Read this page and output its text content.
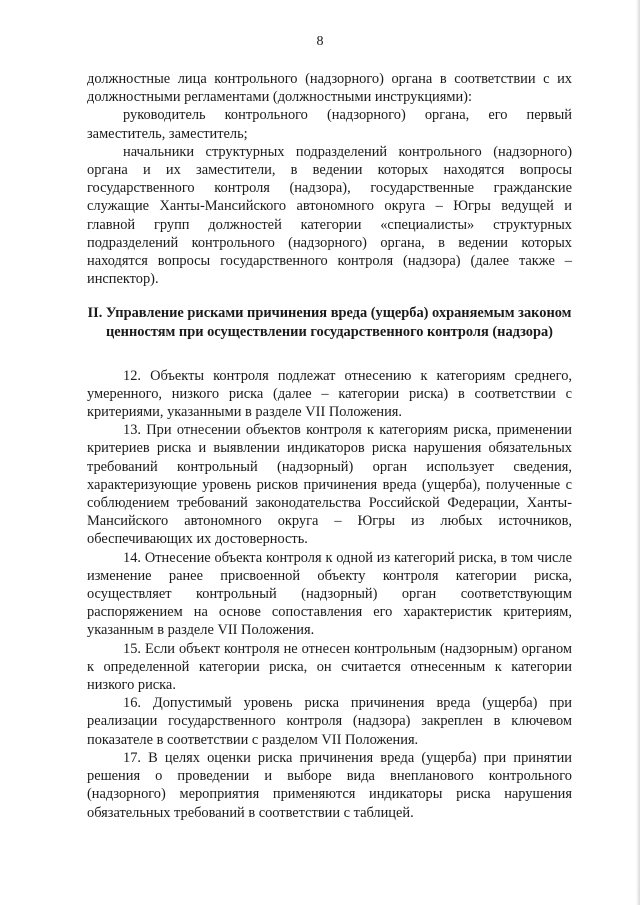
8

должностные лица контрольного (надзорного) органа в соответствии с их должностными регламентами (должностными инструкциями):

руководитель контрольного (надзорного) органа, его первый заместитель, заместитель;

начальники структурных подразделений контрольного (надзорного) органа и их заместители, в ведении которых находятся вопросы государственного контроля (надзора), государственные гражданские служащие Ханты-Мансийского автономного округа – Югры ведущей и главной групп должностей категории «специалисты» структурных подразделений контрольного (надзорного) органа, в ведении которых находятся вопросы государственного контроля (надзора) (далее также – инспектор).

II. Управление рисками причинения вреда (ущерба) охраняемым законом ценностям при осуществлении государственного контроля (надзора)

12. Объекты контроля подлежат отнесению к категориям среднего, умеренного, низкого риска (далее – категории риска) в соответствии с критериями, указанными в разделе VII Положения.

13. При отнесении объектов контроля к категориям риска, применении критериев риска и выявлении индикаторов риска нарушения обязательных требований контрольный (надзорный) орган использует сведения, характеризующие уровень рисков причинения вреда (ущерба), полученные с соблюдением требований законодательства Российской Федерации, Ханты-Мансийского автономного округа – Югры из любых источников, обеспечивающих их достоверность.

14. Отнесение объекта контроля к одной из категорий риска, в том числе изменение ранее присвоенной объекту контроля категории риска, осуществляет контрольный (надзорный) орган соответствующим распоряжением на основе сопоставления его характеристик критериям, указанным в разделе VII Положения.

15. Если объект контроля не отнесен контрольным (надзорным) органом к определенной категории риска, он считается отнесенным к категории низкого риска.

16. Допустимый уровень риска причинения вреда (ущерба) при реализации государственного контроля (надзора) закреплен в ключевом показателе в соответствии с разделом VII Положения.

17. В целях оценки риска причинения вреда (ущерба) при принятии решения о проведении и выборе вида внепланового контрольного (надзорного) мероприятия применяются индикаторы риска нарушения обязательных требований в соответствии с таблицей.
